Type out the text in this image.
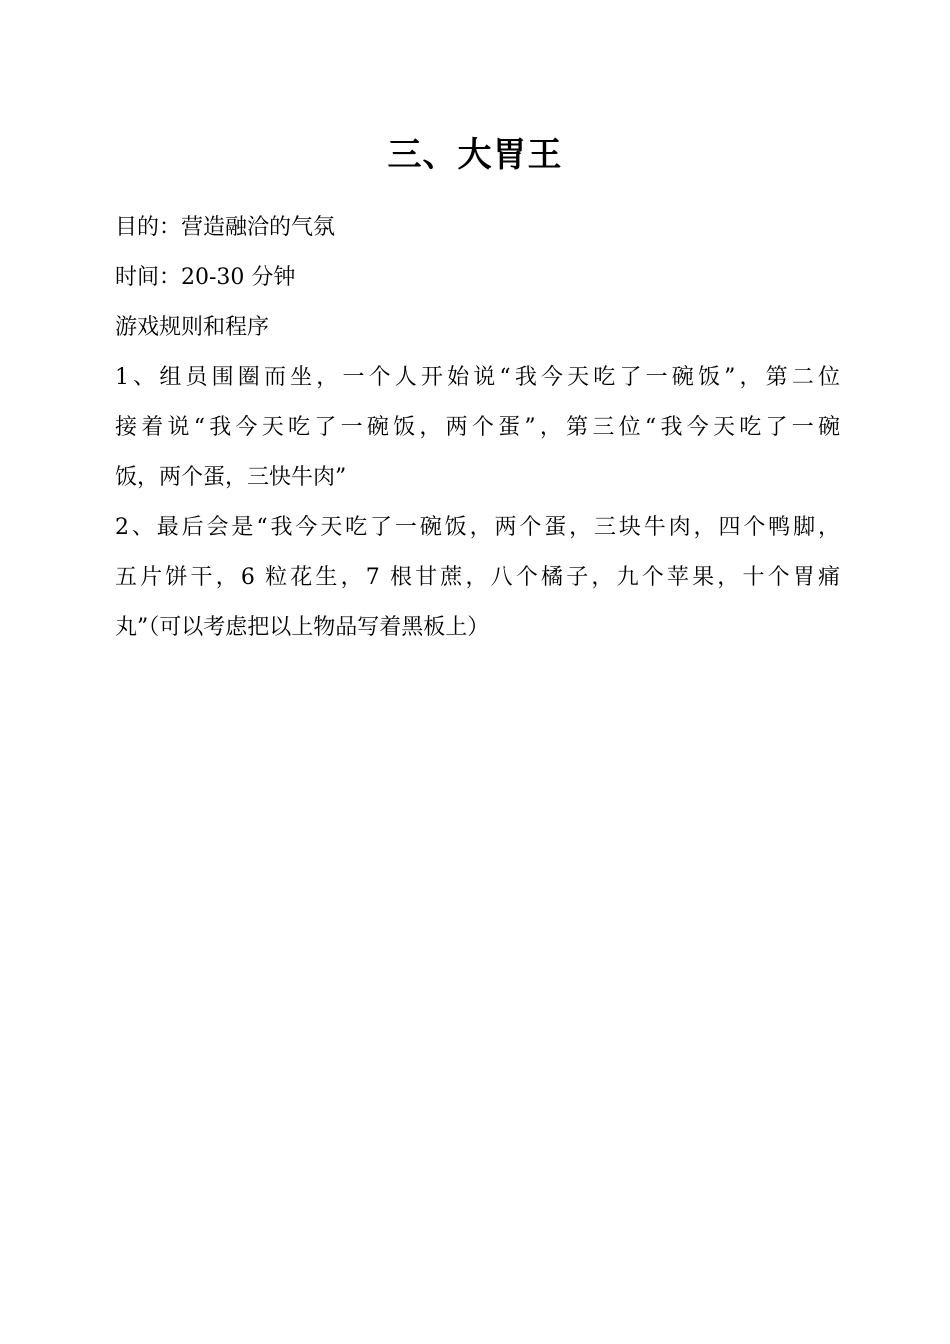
三、大胃王

目的：营造融洽的气氛

时间：20-30 分钟

游戏规则和程序

1、组员围圈而坐，一个人开始说“我今天吃了一碗饭”，第二位

接着说“我今天吃了一碗饭，两个蛋”，第三位“我今天吃了一碗

饭，两个蛋，三快牛肉”

2、最后会是“我今天吃了一碗饭，两个蛋，三块牛肉，四个鸭脚，

五片饼干，6 粒花生，7 根甘蔗，八个橘子，九个苹果，十个胃痛

丸”（可以考虑把以上物品写着黑板上）
